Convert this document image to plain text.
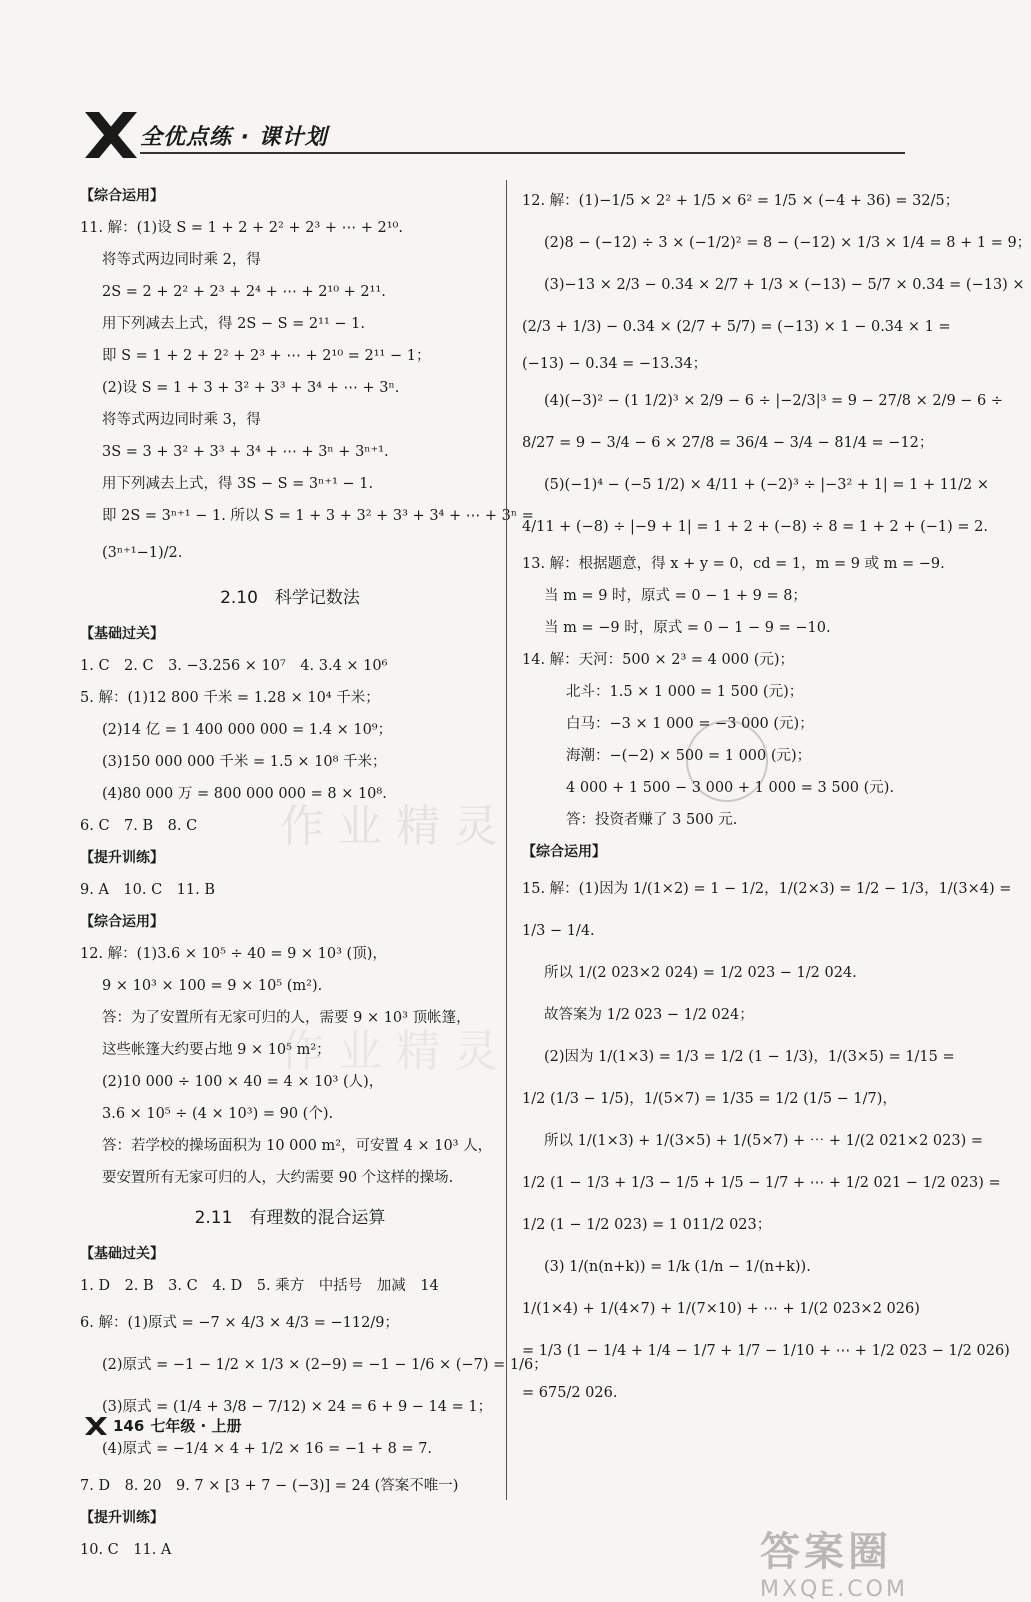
全优点练 · 课计划
作业精灵
作业精灵
【综合运用】
11. 解：(1)设 S = 1 + 2 + 2² + 2³ + ⋯ + 2¹⁰.
将等式两边同时乘 2，得
2S = 2 + 2² + 2³ + 2⁴ + ⋯ + 2¹⁰ + 2¹¹.
用下列减去上式，得 2S − S = 2¹¹ − 1.
即 S = 1 + 2 + 2² + 2³ + ⋯ + 2¹⁰ = 2¹¹ − 1；
(2)设 S = 1 + 3 + 3² + 3³ + 3⁴ + ⋯ + 3ⁿ.
将等式两边同时乘 3，得
3S = 3 + 3² + 3³ + 3⁴ + ⋯ + 3ⁿ + 3ⁿ⁺¹.
用下列减去上式，得 3S − S = 3ⁿ⁺¹ − 1.
即 2S = 3ⁿ⁺¹ − 1. 所以 S = 1 + 3 + 3² + 3³ + 3⁴ + ⋯ + 3ⁿ =
(3ⁿ⁺¹−1)/2.
2.10　科学记数法
【基础过关】
1. C　2. C　3. −3.256 × 10⁷　4. 3.4 × 10⁶
5. 解：(1)12 800 千米 = 1.28 × 10⁴ 千米；
(2)14 亿 = 1 400 000 000 = 1.4 × 10⁹；
(3)150 000 000 千米 = 1.5 × 10⁸ 千米；
(4)80 000 万 = 800 000 000 = 8 × 10⁸.
6. C　7. B　8. C
【提升训练】
9. A　10. C　11. B
【综合运用】
12. 解：(1)3.6 × 10⁵ ÷ 40 = 9 × 10³ (顶)，
9 × 10³ × 100 = 9 × 10⁵ (m²).
答：为了安置所有无家可归的人，需要 9 × 10³ 顶帐篷，
这些帐篷大约要占地 9 × 10⁵ m²；
(2)10 000 ÷ 100 × 40 = 4 × 10³ (人)，
3.6 × 10⁵ ÷ (4 × 10³) = 90 (个).
答：若学校的操场面积为 10 000 m²，可安置 4 × 10³ 人，
要安置所有无家可归的人，大约需要 90 个这样的操场.
2.11　有理数的混合运算
【基础过关】
1. D　2. B　3. C　4. D　5. 乘方　中括号　加减　14
6. 解：(1)原式 = −7 × 4/3 × 4/3 = −112/9；
(2)原式 = −1 − 1/2 × 1/3 × (2−9) = −1 − 1/6 × (−7) = 1/6；
(3)原式 = (1/4 + 3/8 − 7/12) × 24 = 6 + 9 − 14 = 1；
(4)原式 = −1/4 × 4 + 1/2 × 16 = −1 + 8 = 7.
7. D　8. 20　9. 7 × [3 + 7 − (−3)] = 24 (答案不唯一)
【提升训练】
10. C　11. A
12. 解：(1)−1/5 × 2² + 1/5 × 6² = 1/5 × (−4 + 36) = 32/5；
(2)8 − (−12) ÷ 3 × (−1/2)² = 8 − (−12) × 1/3 × 1/4 = 8 + 1 = 9；
(3)−13 × 2/3 − 0.34 × 2/7 + 1/3 × (−13) − 5/7 × 0.34 = (−13) ×
(2/3 + 1/3) − 0.34 × (2/7 + 5/7) = (−13) × 1 − 0.34 × 1 =
(−13) − 0.34 = −13.34；
(4)(−3)² − (1 1/2)³ × 2/9 − 6 ÷ |−2/3|³ = 9 − 27/8 × 2/9 − 6 ÷
8/27 = 9 − 3/4 − 6 × 27/8 = 36/4 − 3/4 − 81/4 = −12；
(5)(−1)⁴ − (−5 1/2) × 4/11 + (−2)³ ÷ |−3² + 1| = 1 + 11/2 ×
4/11 + (−8) ÷ |−9 + 1| = 1 + 2 + (−8) ÷ 8 = 1 + 2 + (−1) = 2.
13. 解：根据题意，得 x + y = 0，cd = 1，m = 9 或 m = −9.
当 m = 9 时，原式 = 0 − 1 + 9 = 8；
当 m = −9 时，原式 = 0 − 1 − 9 = −10.
14. 解：天河：500 × 2³ = 4 000 (元)；
北斗：1.5 × 1 000 = 1 500 (元)；
白马：−3 × 1 000 = −3 000 (元)；
海潮：−(−2) × 500 = 1 000 (元)；
4 000 + 1 500 − 3 000 + 1 000 = 3 500 (元).
答：投资者赚了 3 500 元.
【综合运用】
15. 解：(1)因为 1/(1×2) = 1 − 1/2，1/(2×3) = 1/2 − 1/3，1/(3×4) =
1/3 − 1/4.
所以 1/(2 023×2 024) = 1/2 023 − 1/2 024.
故答案为 1/2 023 − 1/2 024；
(2)因为 1/(1×3) = 1/3 = 1/2 (1 − 1/3)，1/(3×5) = 1/15 =
1/2 (1/3 − 1/5)，1/(5×7) = 1/35 = 1/2 (1/5 − 1/7)，
所以 1/(1×3) + 1/(3×5) + 1/(5×7) + ⋯ + 1/(2 021×2 023) =
1/2 (1 − 1/3 + 1/3 − 1/5 + 1/5 − 1/7 + ⋯ + 1/2 021 − 1/2 023) =
1/2 (1 − 1/2 023) = 1 011/2 023；
(3) 1/(n(n+k)) = 1/k (1/n − 1/(n+k)).
1/(1×4) + 1/(4×7) + 1/(7×10) + ⋯ + 1/(2 023×2 026)
= 1/3 (1 − 1/4 + 1/4 − 1/7 + 1/7 − 1/10 + ⋯ + 1/2 023 − 1/2 026)
= 675/2 026.
146 七年级 · 上册
答案圈
MXQE.COM
